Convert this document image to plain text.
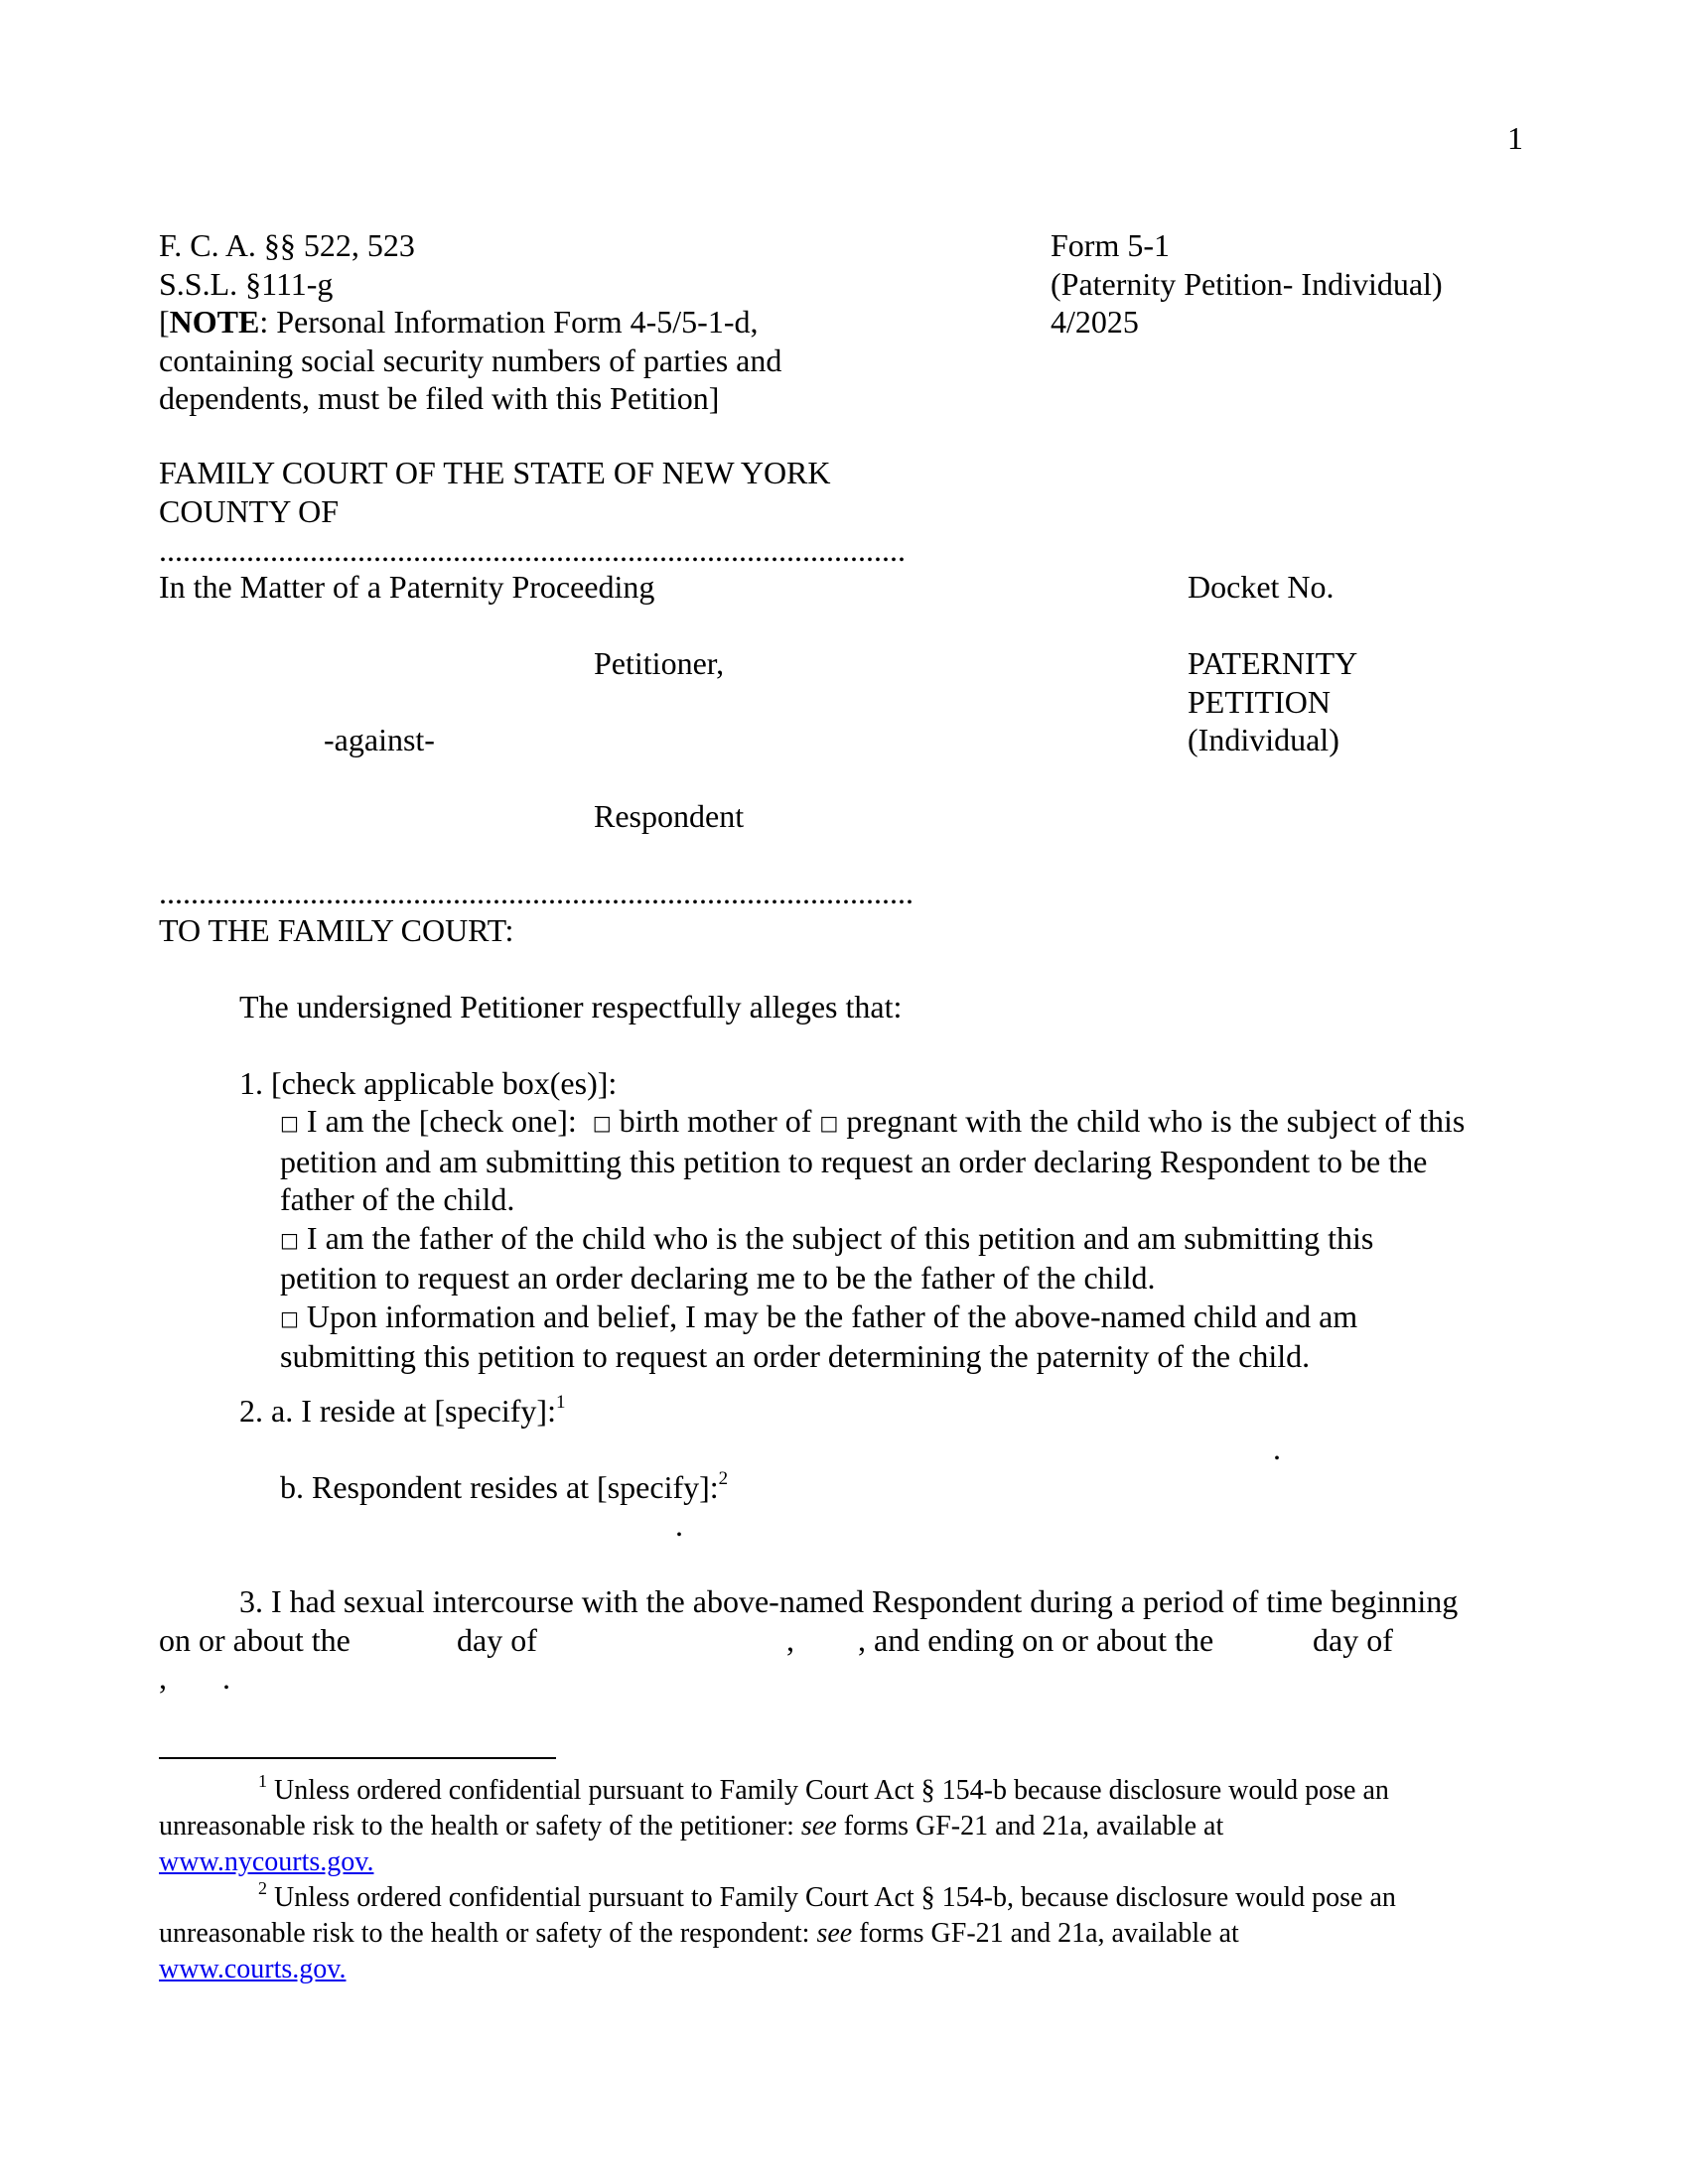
1
F. C. A. §§ 522, 523
S.S.L. §111-g
[NOTE: Personal Information Form 4-5/5-1-d,
containing social security numbers of parties and
dependents, must be filed with this Petition]
Form 5-1
(Paternity Petition- Individual)
4/2025
FAMILY COURT OF THE STATE OF NEW YORK
COUNTY OF
..............................................................................................
In the Matter of a Paternity Proceeding
Petitioner,
-against-
Respondent
...............................................................................................
Docket No.
PATERNITY
PETITION
(Individual)
TO THE FAMILY COURT:
The undersigned Petitioner respectfully alleges that:
1. [check applicable box(es)]:
□ I am the [check one]: □ birth mother of □ pregnant with the child who is the subject of this
petition and am submitting this petition to request an order declaring Respondent to be the
father of the child.
□ I am the father of the child who is the subject of this petition and am submitting this
petition to request an order declaring me to be the father of the child.
□ Upon information and belief, I may be the father of the above-named child and am
submitting this petition to request an order determining the paternity of the child.
2. a. I reside at [specify]:$^1$
.
b. Respondent resides at [specify]:$^2$
.
3. I had sexual intercourse with the above-named Respondent during a period of time beginning
on or about the	day of	, , and ending on or about the	day of
, .
$^1$ Unless ordered confidential pursuant to Family Court Act § 154-b because disclosure would pose an
unreasonable risk to the health or safety of the petitioner: see forms GF-21 and 21a, available at
www.nycourts.gov.
$^2$ Unless ordered confidential pursuant to Family Court Act § 154-b, because disclosure would pose an
unreasonable risk to the health or safety of the respondent: see forms GF-21 and 21a, available at
www.courts.gov.
